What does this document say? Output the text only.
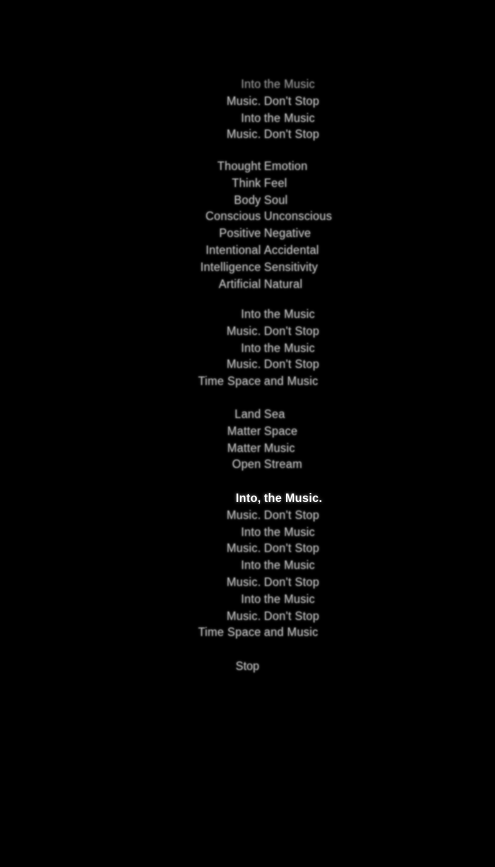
Into the Music
Music. Don't Stop
Into the Music
Music. Don't Stop
Thought Emotion
Think Feel
Body Soul
Conscious Unconscious
Positive Negative
Intentional Accidental
Intelligence Sensitivity
Artificial Natural
Into the Music
Music. Don't Stop
Into the Music
Music. Don't Stop
Time Space and Music
Land Sea
Matter Space
Matter Music
Open Stream
Into, the Music.
Music. Don't Stop
Into the Music
Music. Don't Stop
Into the Music
Music. Don't Stop
Into the Music
Music. Don't Stop
Time Space and Music
Stop
